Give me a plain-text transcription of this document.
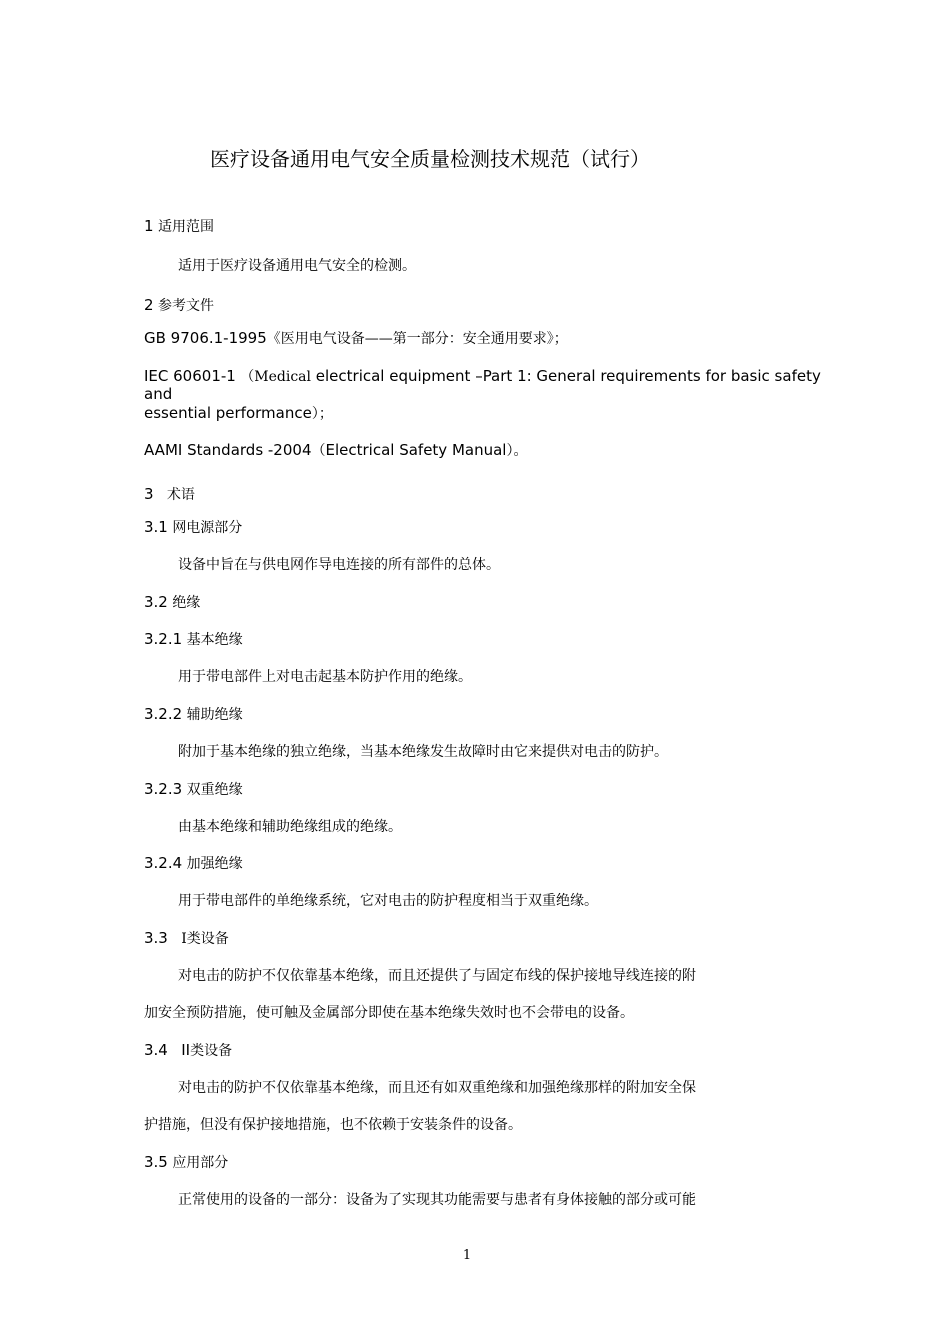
医疗设备通用电气安全质量检测技术规范（试行）
1 适用范围
适用于医疗设备通用电气安全的检测。
2 参考文件
GB 9706.1-1995《医用电气设备——第一部分：安全通用要求》；
IEC 60601-1 （Medical electrical equipment –Part 1: General requirements for basic safety
and
essential performance）；
AAMI Standards -2004（Electrical Safety Manual）。
3 术语
3.1 网电源部分
设备中旨在与供电网作导电连接的所有部件的总体。
3.2 绝缘
3.2.1 基本绝缘
用于带电部件上对电击起基本防护作用的绝缘。
3.2.2 辅助绝缘
附加于基本绝缘的独立绝缘，当基本绝缘发生故障时由它来提供对电击的防护。
3.2.3 双重绝缘
由基本绝缘和辅助绝缘组成的绝缘。
3.2.4 加强绝缘
用于带电部件的单绝缘系统，它对电击的防护程度相当于双重绝缘。
3.3 Ⅰ类设备
对电击的防护不仅依靠基本绝缘，而且还提供了与固定布线的保护接地导线连接的附
加安全预防措施，使可触及金属部分即使在基本绝缘失效时也不会带电的设备。
3.4 II类设备
对电击的防护不仅依靠基本绝缘，而且还有如双重绝缘和加强绝缘那样的附加安全保
护措施，但没有保护接地措施，也不依赖于安装条件的设备。
3.5 应用部分
正常使用的设备的一部分：设备为了实现其功能需要与患者有身体接触的部分或可能
1
